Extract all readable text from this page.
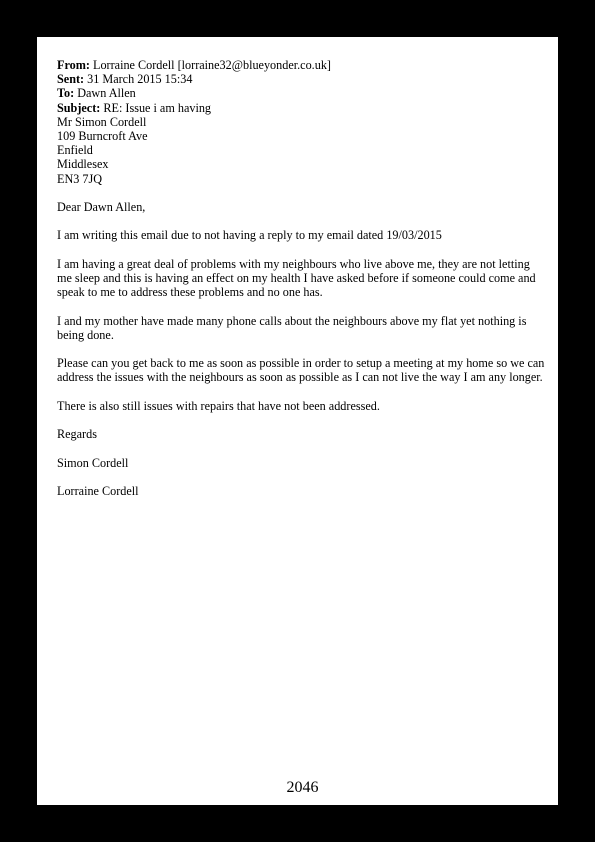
From: Lorraine Cordell [lorraine32@blueyonder.co.uk]
Sent: 31 March 2015 15:34
To: Dawn Allen
Subject: RE: Issue i am having
Mr Simon Cordell
109 Burncroft Ave
Enfield
Middlesex
EN3 7JQ
Dear Dawn Allen,
I am writing this email due to not having a reply to my email dated 19/03/2015
I am having a great deal of problems with my neighbours who live above me, they are not letting me sleep and this is having an effect on my health I have asked before if someone could come and speak to me to address these problems and no one has.
I and my mother have made many phone calls about the neighbours above my flat yet nothing is being done.
Please can you get back to me as soon as possible in order to setup a meeting at my home so we can address the issues with the neighbours as soon as possible as I can not live the way I am any longer.
There is also still issues with repairs that have not been addressed.
Regards
Simon Cordell
Lorraine Cordell
2046
